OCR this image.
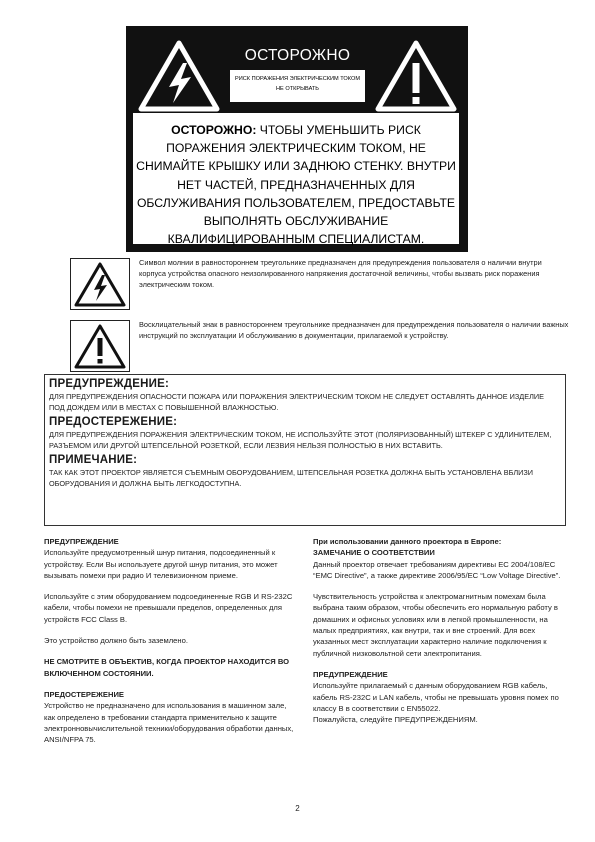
ОСТОРОЖНО
РИСК ПОРАЖЕНИЯ ЭЛЕКТРИЧЕСКИМ ТОКОМ
НЕ ОТКРЫВАТЬ
ОСТОРОЖНО: ЧТОБЫ УМЕНЬШИТЬ РИСК ПОРАЖЕНИЯ ЭЛЕКТРИЧЕСКИМ ТОКОМ, НЕ СНИМАЙТЕ КРЫШКУ ИЛИ ЗАДНЮЮ СТЕНКУ. ВНУТРИ НЕТ ЧАСТЕЙ, ПРЕДНАЗНАЧЕННЫХ ДЛЯ ОБСЛУЖИВАНИЯ ПОЛЬЗОВАТЕЛЕМ, ПРЕДОСТАВЬТЕ ВЫПОЛНЯТЬ ОБСЛУЖИВАНИЕ КВАЛИФИЦИРОВАННЫМ СПЕЦИАЛИСТАМ.
Символ молнии в равностороннем треугольнике предназначен для предупреждения пользователя о наличии внутри корпуса устройства опасного неизолированного напряжения достаточной величины, чтобы вызвать риск поражения электрическим током.
Восклицательный знак в равностороннем треугольнике предназначен для предупреждения пользователя о наличии важных инструкций по эксплуатации И обслуживанию в документации, прилагаемой к устройству.
ПРЕДУПРЕЖДЕНИЕ:
ДЛЯ ПРЕДУПРЕЖДЕНИЯ ОПАСНОСТИ ПОЖАРА ИЛИ ПОРАЖЕНИЯ ЭЛЕКТРИЧЕСКИМ ТОКОМ НЕ СЛЕДУЕТ ОСТАВЛЯТЬ ДАННОЕ ИЗДЕЛИЕ ПОД ДОЖДЕМ ИЛИ В МЕСТАХ С ПОВЫШЕННОЙ ВЛАЖНОСТЬЮ.
ПРЕДОСТЕРЕЖЕНИЕ:
ДЛЯ ПРЕДУПРЕЖДЕНИЯ ПОРАЖЕНИЯ ЭЛЕКТРИЧЕСКИМ ТОКОМ, НЕ ИСПОЛЬЗУЙТЕ ЭТОТ (ПОЛЯРИЗОВАННЫЙ) ШТЕКЕР С УДЛИНИТЕЛЕМ, РАЗЪЕМОМ ИЛИ ДРУГОЙ ШТЕПСЕЛЬНОЙ РОЗЕТКОЙ, ЕСЛИ ЛЕЗВИЯ НЕЛЬЗЯ ПОЛНОСТЬЮ В НИХ ВСТАВИТЬ.
ПРИМЕЧАНИЕ:
ТАК КАК ЭТОТ ПРОЕКТОР ЯВЛЯЕТСЯ СЪЕМНЫМ ОБОРУДОВАНИЕМ, ШТЕПСЕЛЬНАЯ РОЗЕТКА ДОЛЖНА БЫТЬ УСТАНОВЛЕНА ВБЛИЗИ ОБОРУДОВАНИЯ И ДОЛЖНА БЫТЬ ЛЕГКОДОСТУПНА.
ПРЕДУПРЕЖДЕНИЕ
Используйте предусмотренный шнур питания, подсоединенный к устройству. Если Вы используете другой шнур питания, это может вызывать помехи при радио И телевизионном приеме.
Используйте с этим оборудованием подсоединенные RGB И RS-232C кабели, чтобы помехи не превышали пределов, определенных для устройств FCC Class B.
Это устройство должно быть заземлено.
НЕ СМОТРИТЕ В ОБЪЕКТИВ, КОГДА ПРОЕКТОР НАХОДИТСЯ ВО ВКЛЮЧЕННОМ СОСТОЯНИИ.
ПРЕДОСТЕРЕЖЕНИЕ
Устройство не предназначено для использования в машинном зале, как определено в требовании стандарта применительно к защите электронновычислительной техники/оборудования обработки данных, ANSI/NFPA 75.
При использовании данного проектора в Европе:
ЗАМЕЧАНИЕ О СООТВЕТСТВИИ
Данный проектор отвечает требованиям директивы EC 2004/108/EC “EMC Directive”, а также директиве 2006/95/EC “Low Voltage Directive”.
Чувствительность устройства к электромагнитным помехам была выбрана таким образом, чтобы обеспечить его нормальную работу в домашних и офисных условиях или в легкой промышленности, на малых предприятиях, как внутри, так и вне строений. Для всех указанных мест эксплуатации характерно наличие подключения к публичной низковольтной сети электропитания.
ПРЕДУПРЕЖДЕНИЕ
Используйте прилагаемый с данным оборудованием RGB кабель, кабель RS-232C и LAN кабель, чтобы не превышать уровня помех по классу B в соответствии с EN55022.
Пожалуйста, следуйте ПРЕДУПРЕЖДЕНИЯМ.
2
